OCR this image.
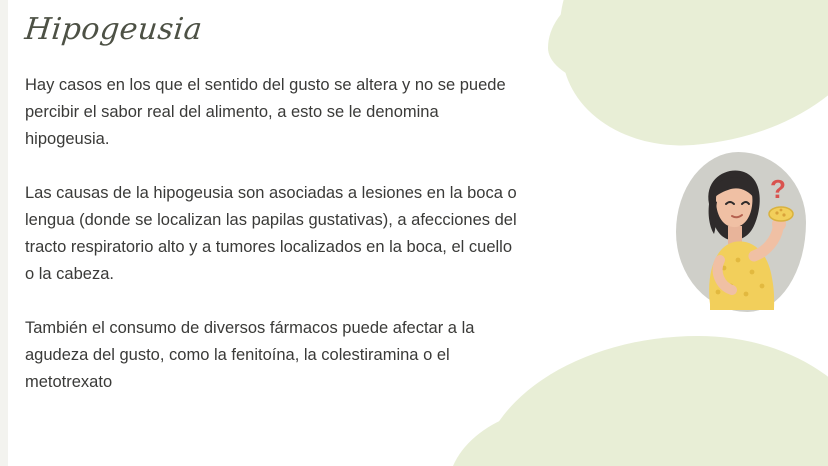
Hipogeusia

Hay casos en los que el sentido del gusto se altera y no se puede percibir el sabor real del alimento, a esto se le denomina hipogeusia.

Las causas de la hipogeusia son asociadas a lesiones en la boca o lengua (donde se localizan las papilas gustativas), a afecciones del tracto respiratorio alto y a tumores localizados en la boca, el cuello o la cabeza.

También el consumo de diversos fármacos puede afectar a la agudeza del gusto, como la fenitoína, la colestiramina o el metotrexato

?
